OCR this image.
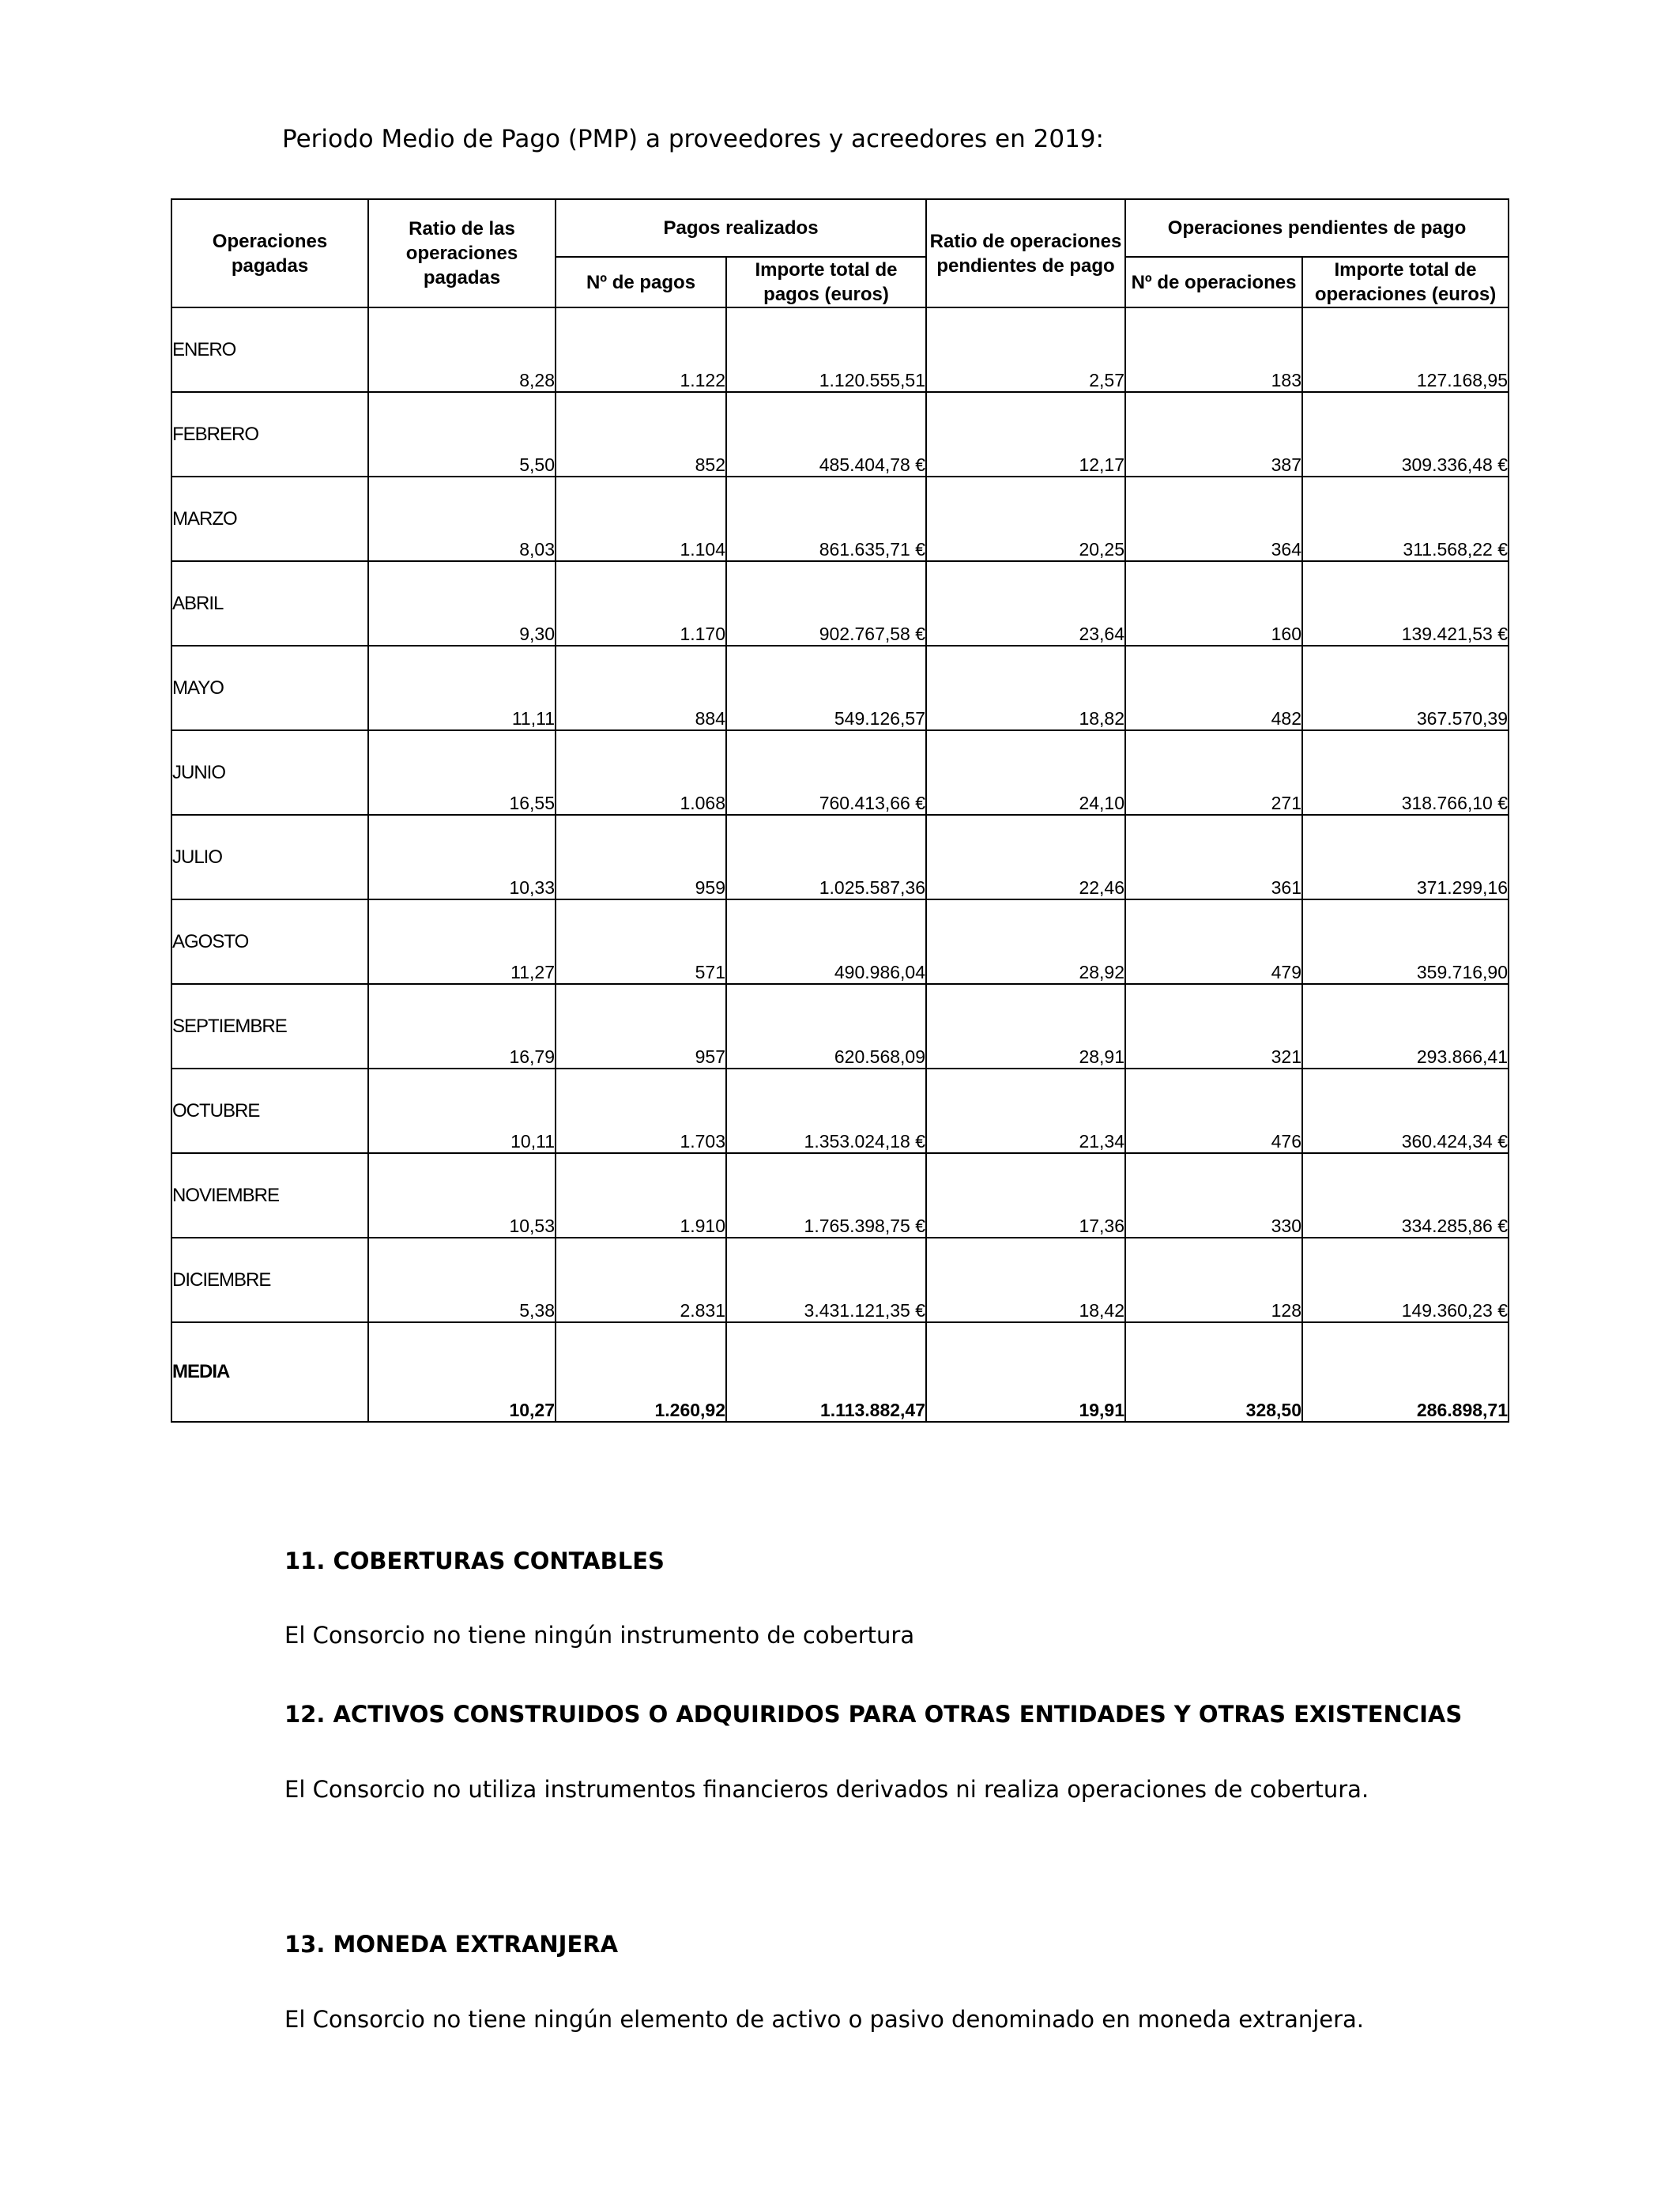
Periodo Medio de Pago (PMP) a proveedores y acreedores en 2019:

Operaciones pagadas	Ratio de las operaciones pagadas	Pagos realizados		Ratio de operaciones pendientes de pago	Operaciones pendientes de pago	
		Nº de pagos	Importe total de pagos (euros)		Nº de operaciones	Importe total de operaciones (euros)
ENERO	8,28	1.122	1.120.555,51	2,57	183	127.168,95
FEBRERO	5,50	852	485.404,78 €	12,17	387	309.336,48 €
MARZO	8,03	1.104	861.635,71 €	20,25	364	311.568,22 €
ABRIL	9,30	1.170	902.767,58 €	23,64	160	139.421,53 €
MAYO	11,11	884	549.126,57	18,82	482	367.570,39
JUNIO	16,55	1.068	760.413,66 €	24,10	271	318.766,10 €
JULIO	10,33	959	1.025.587,36	22,46	361	371.299,16
AGOSTO	11,27	571	490.986,04	28,92	479	359.716,90
SEPTIEMBRE	16,79	957	620.568,09	28,91	321	293.866,41
OCTUBRE	10,11	1.703	1.353.024,18 €	21,34	476	360.424,34 €
NOVIEMBRE	10,53	1.910	1.765.398,75 €	17,36	330	334.285,86 €
DICIEMBRE	5,38	2.831	3.431.121,35 €	18,42	128	149.360,23 €
MEDIA	10,27	1.260,92	1.113.882,47	19,91	328,50	286.898,71

11. COBERTURAS CONTABLES

El Consorcio no tiene ningún instrumento de cobertura

12. ACTIVOS CONSTRUIDOS O ADQUIRIDOS PARA OTRAS ENTIDADES Y OTRAS EXISTENCIAS

El Consorcio no utiliza instrumentos financieros derivados ni realiza operaciones de cobertura.

13. MONEDA EXTRANJERA

El Consorcio no tiene ningún elemento de activo o pasivo denominado en moneda extranjera.
